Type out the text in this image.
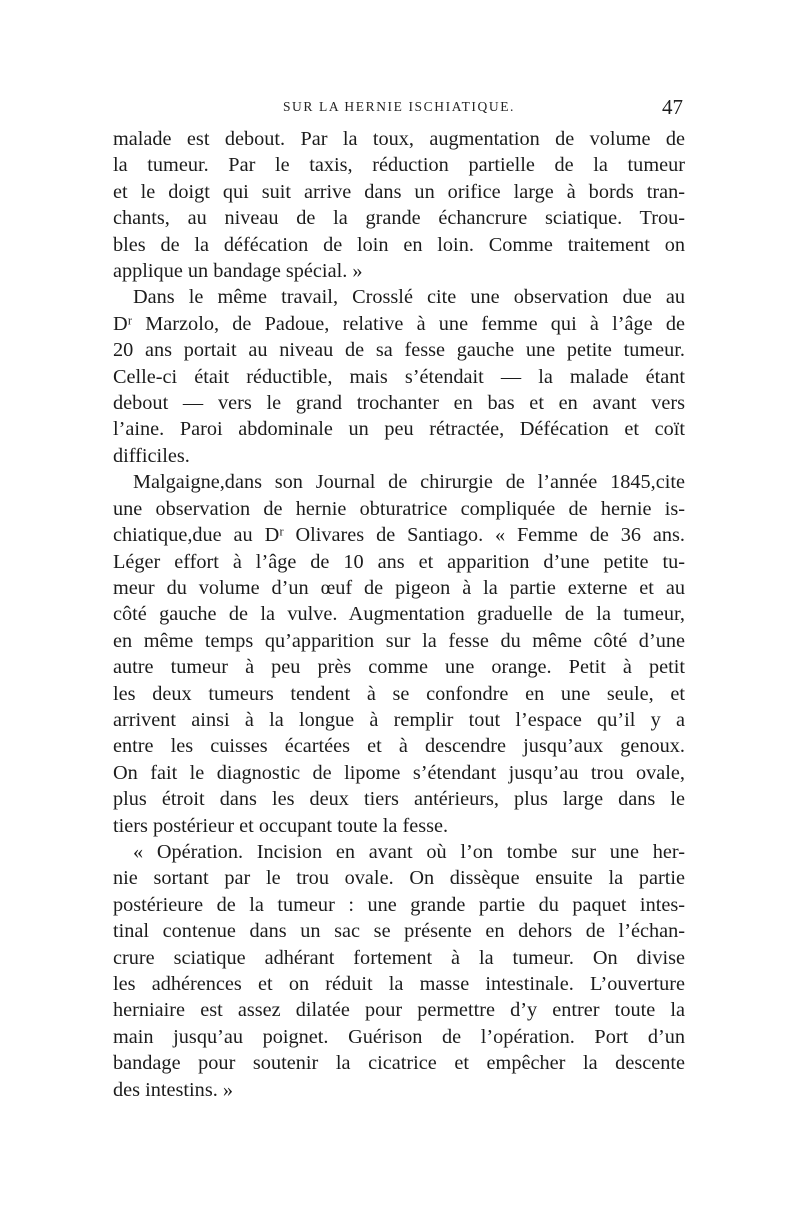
SUR LA HERNIE ISCHIATIQUE.	47
malade est debout. Par la toux, augmentation de volume de
la tumeur. Par le taxis, réduction partielle de la tumeur
et le doigt qui suit arrive dans un orifice large à bords tran-
chants, au niveau de la grande échancrure sciatique. Trou-
bles de la défécation de loin en loin. Comme traitement on
applique un bandage spécial. »
Dans le même travail, Crosslé cite une observation due au
Dʳ Marzolo, de Padoue, relative à une femme qui à l’âge de
20 ans portait au niveau de sa fesse gauche une petite tumeur.
Celle-ci était réductible, mais s’étendait — la malade étant
debout — vers le grand trochanter en bas et en avant vers
l’aine. Paroi abdominale un peu rétractée, Défécation et coït
difficiles.
Malgaigne,dans son Journal de chirurgie de l’année 1845,cite
une observation de hernie obturatrice compliquée de hernie is-
chiatique,due au Dʳ Olivares de Santiago. « Femme de 36 ans.
Léger effort à l’âge de 10 ans et apparition d’une petite tu-
meur du volume d’un œuf de pigeon à la partie externe et au
côté gauche de la vulve. Augmentation graduelle de la tumeur,
en même temps qu’apparition sur la fesse du même côté d’une
autre tumeur à peu près comme une orange. Petit à petit
les deux tumeurs tendent à se confondre en une seule, et
arrivent ainsi à la longue à remplir tout l’espace qu’il y a
entre les cuisses écartées et à descendre jusqu’aux genoux.
On fait le diagnostic de lipome s’étendant jusqu’au trou ovale,
plus étroit dans les deux tiers antérieurs, plus large dans le
tiers postérieur et occupant toute la fesse.
« Opération. Incision en avant où l’on tombe sur une her-
nie sortant par le trou ovale. On dissèque ensuite la partie
postérieure de la tumeur : une grande partie du paquet intes-
tinal contenue dans un sac se présente en dehors de l’échan-
crure sciatique adhérant fortement à la tumeur. On divise
les adhérences et on réduit la masse intestinale. L’ouverture
herniaire est assez dilatée pour permettre d’y entrer toute la
main jusqu’au poignet. Guérison de l’opération. Port d’un
bandage pour soutenir la cicatrice et empêcher la descente
des intestins. »
